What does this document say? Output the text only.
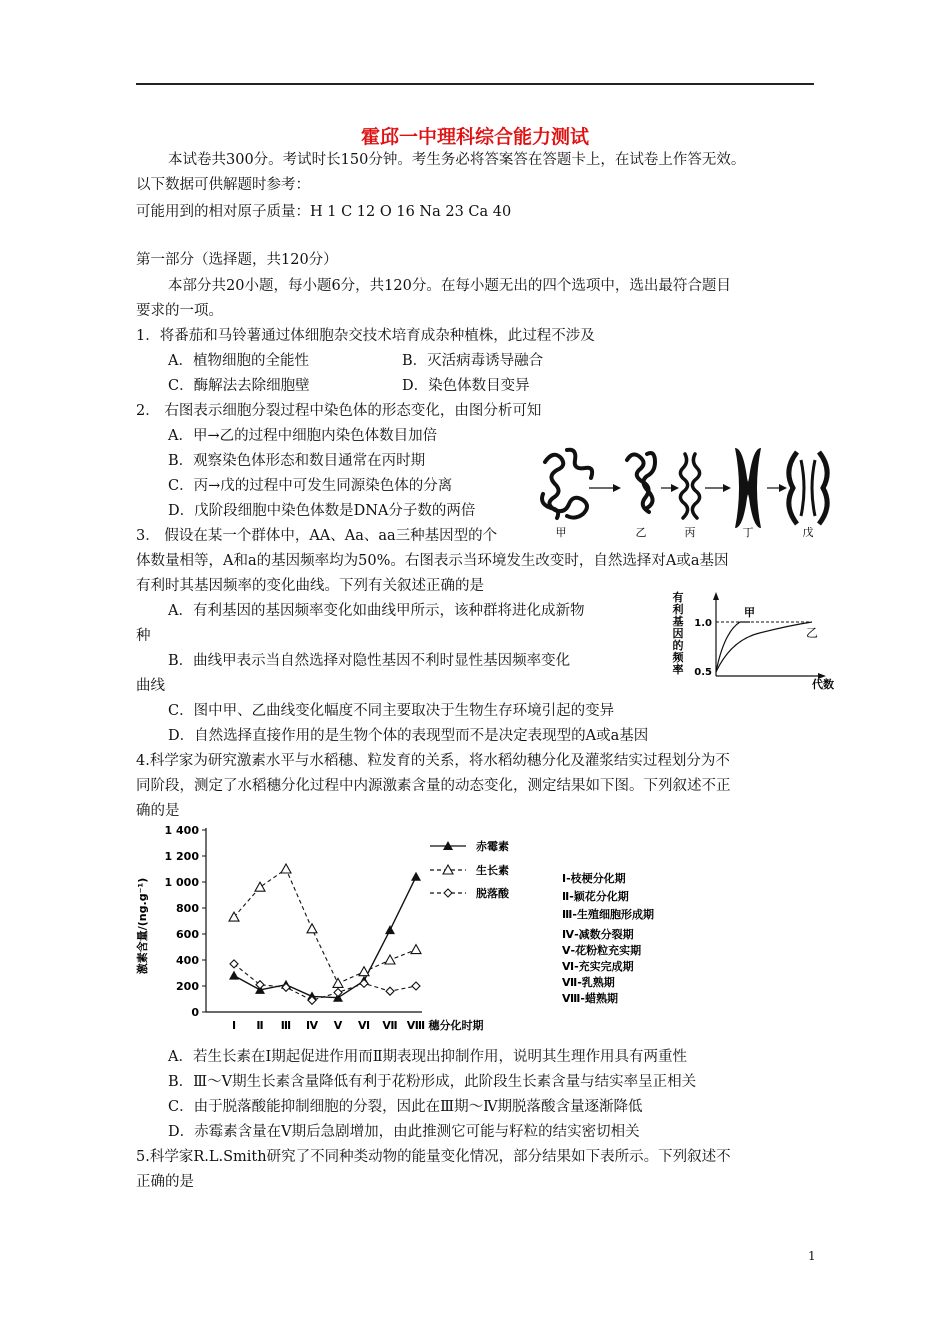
霍邱一中理科综合能力测试
本试卷共300分。考试时长150分钟。考生务必将答案答在答题卡上，在试卷上作答无效。
以下数据可供解题时参考：
可能用到的相对原子质量：H 1 C 12 O 16 Na 23 Ca 40
第一部分（选择题，共120分）
本部分共20小题，每小题6分，共120分。在每小题无出的四个选项中，选出最符合题目
要求的一项。
1．将番茄和马铃薯通过体细胞杂交技术培育成杂种植株，此过程不涉及
A．植物细胞的全能性	B．灭活病毒诱导融合
C．酶解法去除细胞壁	D．染色体数目变异
2． 右图表示细胞分裂过程中染色体的形态变化，由图分析可知
A．甲→乙的过程中细胞内染色体数目加倍
B．观察染色体形态和数目通常在丙时期
C．丙→戊的过程中可发生同源染色体的分离
D．戊阶段细胞中染色体数是DNA分子数的两倍
甲	乙	丙	丁	戊
3． 假设在某一个群体中，AA、Aa、aa三种基因型的个
体数量相等，A和a的基因频率均为50%。右图表示当环境发生改变时，自然选择对A或a基因
有利时其基因频率的变化曲线。下列有关叙述正确的是
A．有利基因的基因频率变化如曲线甲所示，该种群将进化成新物
种
B．曲线甲表示当自然选择对隐性基因不利时显性基因频率变化
曲线
C．图中甲、乙曲线变化幅度不同主要取决于生物生存环境引起的变异
D．自然选择直接作用的是生物个体的表现型而不是决定表现型的A或a基因
有
利
基
因
的
频
率
1.0
0.5
甲
乙
代数
4.科学家为研究激素水平与水稻穗、粒发育的关系，将水稻幼穗分化及灌浆结实过程划分为不
同阶段，测定了水稻穗分化过程中内源激素含量的动态变化，测定结果如下图。下列叙述不正
确的是
激素含量/(ng.g⁻¹)
0
200
400
600
800
1 000
1 200
1 400
Ⅰ Ⅱ Ⅲ Ⅳ Ⅴ Ⅵ Ⅶ Ⅷ 穗分化时期
赤霉素
生长素
脱落酸
Ⅰ-枝梗分化期
Ⅱ-颖花分化期
Ⅲ-生殖细胞形成期
Ⅳ-减数分裂期
Ⅴ-花粉粒充实期
Ⅵ-充实完成期
Ⅶ-乳熟期
Ⅷ-蜡熟期
A．若生长素在Ⅰ期起促进作用而Ⅱ期表现出抑制作用，说明其生理作用具有两重性
B．Ⅲ～Ⅴ期生长素含量降低有利于花粉形成，此阶段生长素含量与结实率呈正相关
C．由于脱落酸能抑制细胞的分裂，因此在Ⅲ期～Ⅳ期脱落酸含量逐渐降低
D．赤霉素含量在Ⅴ期后急剧增加，由此推测它可能与籽粒的结实密切相关
5.科学家R.L.Smith研究了不同种类动物的能量变化情况，部分结果如下表所示。下列叙述不
正确的是
1
